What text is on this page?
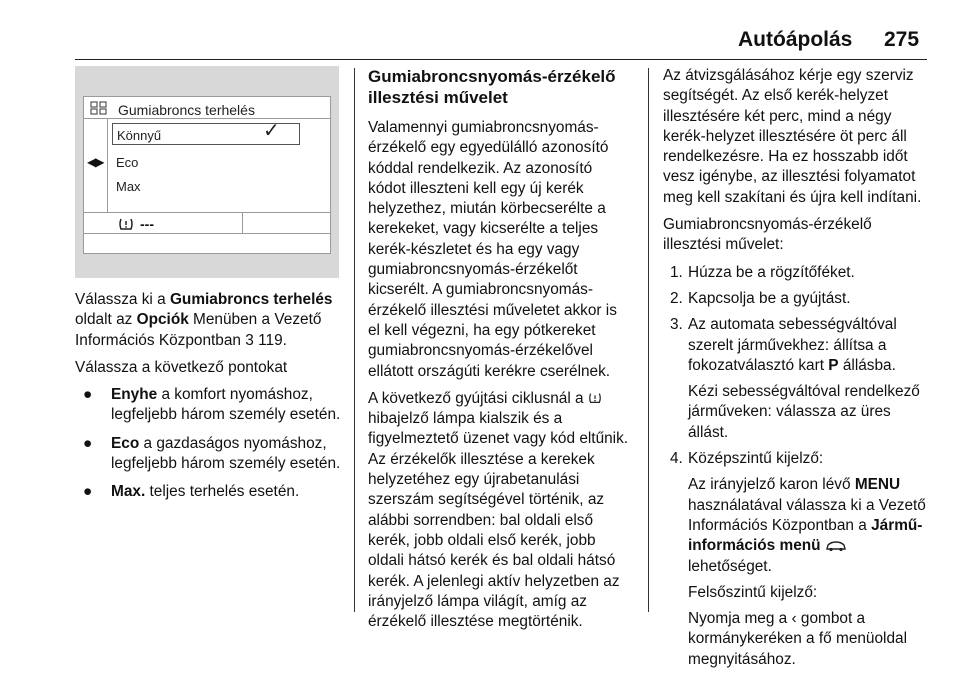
Autóápolás 275
Gumiabroncs terhelés
◀▶
Könnyű	✓
Eco
Max
---

Válassza ki a Gumiabroncs terhelés oldalt az Opciók Menüben a Vezető Információs Központban 3 119.

Válassza a következő pontokat

● Enyhe a komfort nyomáshoz, legfeljebb három személy esetén.
● Eco a gazdaságos nyomáshoz, legfeljebb három személy esetén.
● Max. teljes terhelés esetén.
Gumiabroncsnyomás-érzékelő illesztési művelet

Valamennyi gumiabroncsnyomás-érzékelő egy egyedülálló azonosító kóddal rendelkezik. Az azonosító kódot illeszteni kell egy új kerék helyzethez, miután körbecserélte a kerekeket, vagy kicserélte a teljes kerék-készletet és ha egy vagy gumiabroncsnyomás-érzékelőt kicserélt. A gumiabroncsnyomás-érzékelő illesztési műveletet akkor is el kell végezni, ha egy pótkereket gumiabroncsnyomás-érzékelővel ellátott országúti kerékre cserélnek.

A következő gyújtási ciklusnál a  hibajelző lámpa kialszik és a figyelmeztető üzenet vagy kód eltűnik. Az érzékelők illesztése a kerekek helyzetéhez egy újrabetanulási szerszám segítségével történik, az alábbi sorrendben: bal oldali első kerék, jobb oldali első kerék, jobb oldali hátsó kerék és bal oldali hátsó kerék. A jelenlegi aktív helyzetben az irányjelző lámpa világít, amíg az érzékelő illesztése megtörténik.

Az átvizsgálásához kérje egy szerviz segítségét. Az első kerék-helyzet illesztésére két perc, mind a négy kerék-helyzet illesztésére öt perc áll rendelkezésre. Ha ez hosszabb időt vesz igénybe, az illesztési folyamatot meg kell szakítani és újra kell indítani.

Gumiabroncsnyomás-érzékelő illesztési művelet:

1. Húzza be a rögzítőféket.
2. Kapcsolja be a gyújtást.
3. Az automata sebességváltóval szerelt járművekhez: állítsa a fokozatválasztó kart P állásba.

Kézi sebességváltóval rendelkező járműveken: válassza az üres állást.

4. Középszintű kijelző:

Az irányjelző karon lévő MENU használatával válassza ki a Vezető Információs Központban a Jármű- információs menü  lehetőséget.

Felsőszintű kijelző:

Nyomja meg a ‹ gombot a kormánykeréken a fő menüoldal megnyitásához.
